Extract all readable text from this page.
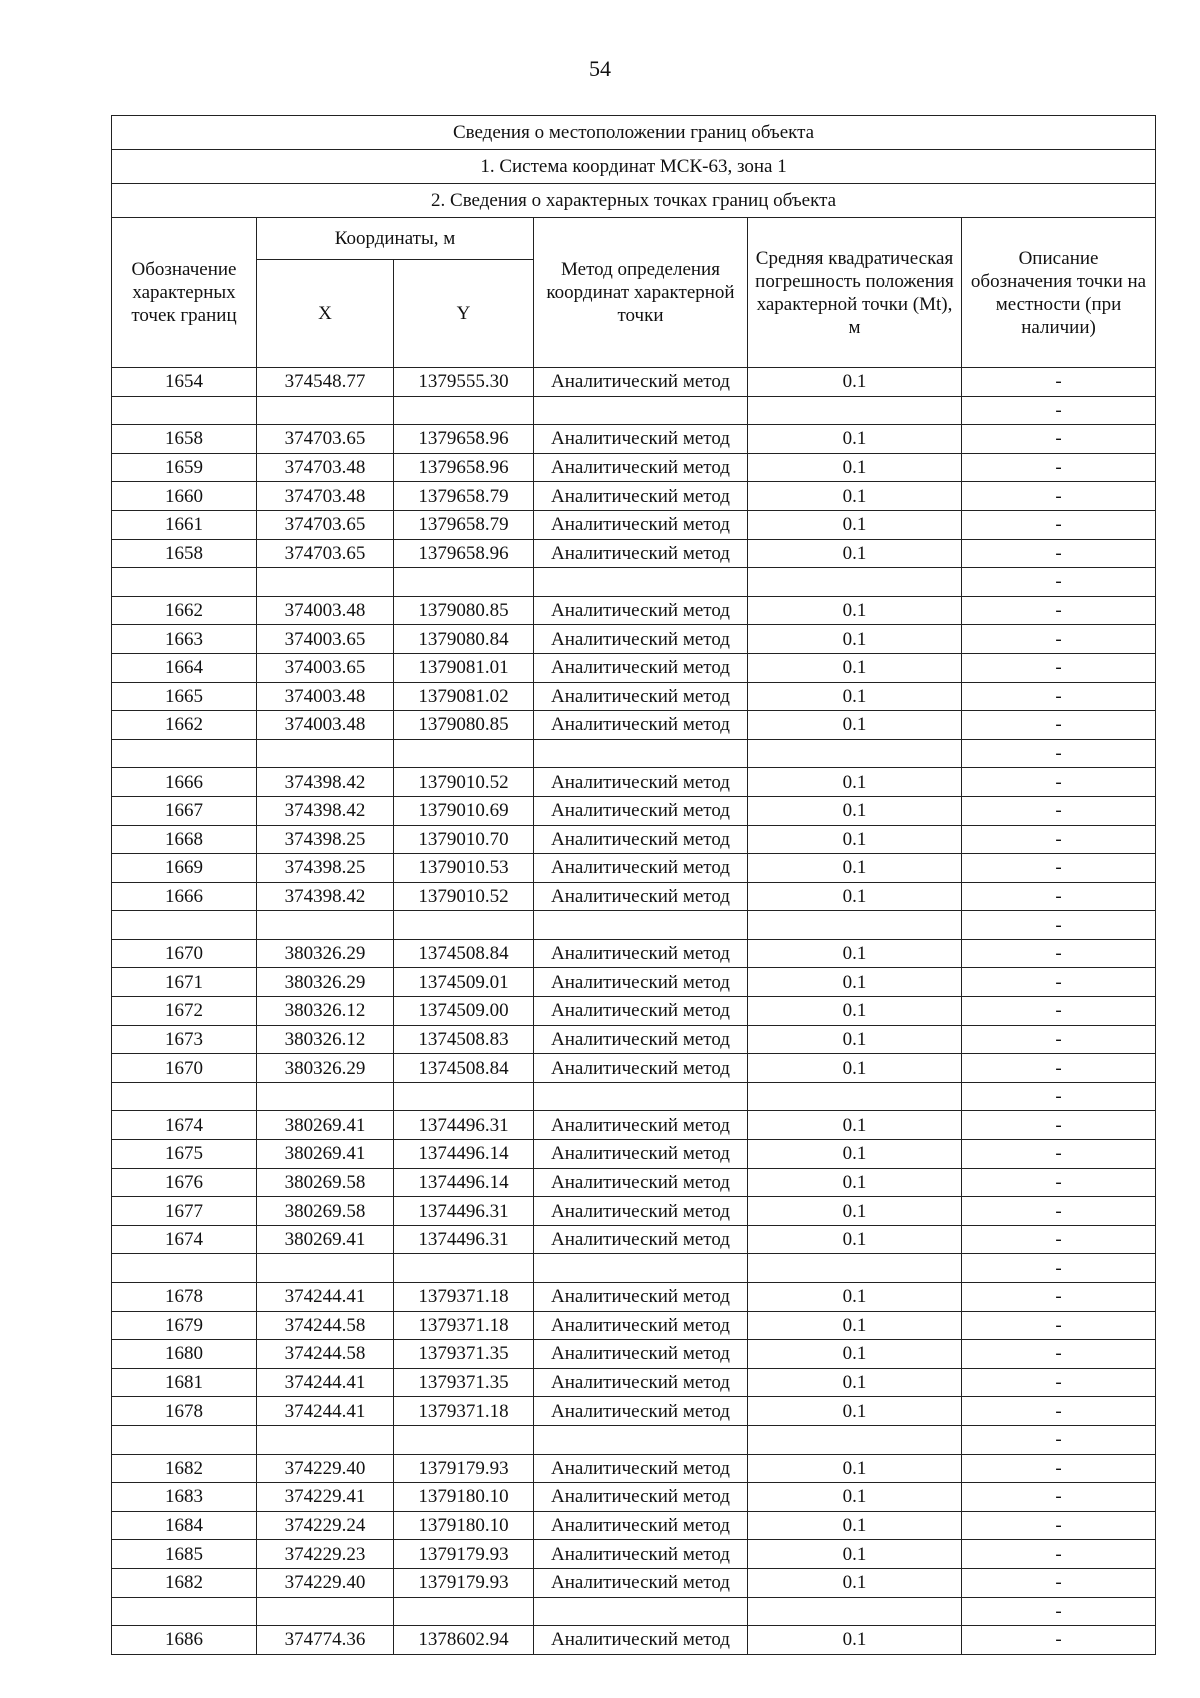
54
Сведения о местоположении границ объекта					
1. Система координат МСК-63, зона 1					
2. Сведения о характерных точках границ объекта					
Обозначение характерных точек границ	Координаты, м		Метод определения координат характерной точки	Средняя квадратическая погрешность положения характерной точки (Mt), м	Описание обозначения точки на местности (при наличии)
	X	Y			
1654	374548.77	1379555.30	Аналитический метод	0.1	-
					-
1658	374703.65	1379658.96	Аналитический метод	0.1	-
1659	374703.48	1379658.96	Аналитический метод	0.1	-
1660	374703.48	1379658.79	Аналитический метод	0.1	-
1661	374703.65	1379658.79	Аналитический метод	0.1	-
1658	374703.65	1379658.96	Аналитический метод	0.1	-
					-
1662	374003.48	1379080.85	Аналитический метод	0.1	-
1663	374003.65	1379080.84	Аналитический метод	0.1	-
1664	374003.65	1379081.01	Аналитический метод	0.1	-
1665	374003.48	1379081.02	Аналитический метод	0.1	-
1662	374003.48	1379080.85	Аналитический метод	0.1	-
					-
1666	374398.42	1379010.52	Аналитический метод	0.1	-
1667	374398.42	1379010.69	Аналитический метод	0.1	-
1668	374398.25	1379010.70	Аналитический метод	0.1	-
1669	374398.25	1379010.53	Аналитический метод	0.1	-
1666	374398.42	1379010.52	Аналитический метод	0.1	-
					-
1670	380326.29	1374508.84	Аналитический метод	0.1	-
1671	380326.29	1374509.01	Аналитический метод	0.1	-
1672	380326.12	1374509.00	Аналитический метод	0.1	-
1673	380326.12	1374508.83	Аналитический метод	0.1	-
1670	380326.29	1374508.84	Аналитический метод	0.1	-
					-
1674	380269.41	1374496.31	Аналитический метод	0.1	-
1675	380269.41	1374496.14	Аналитический метод	0.1	-
1676	380269.58	1374496.14	Аналитический метод	0.1	-
1677	380269.58	1374496.31	Аналитический метод	0.1	-
1674	380269.41	1374496.31	Аналитический метод	0.1	-
					-
1678	374244.41	1379371.18	Аналитический метод	0.1	-
1679	374244.58	1379371.18	Аналитический метод	0.1	-
1680	374244.58	1379371.35	Аналитический метод	0.1	-
1681	374244.41	1379371.35	Аналитический метод	0.1	-
1678	374244.41	1379371.18	Аналитический метод	0.1	-
					-
1682	374229.40	1379179.93	Аналитический метод	0.1	-
1683	374229.41	1379180.10	Аналитический метод	0.1	-
1684	374229.24	1379180.10	Аналитический метод	0.1	-
1685	374229.23	1379179.93	Аналитический метод	0.1	-
1682	374229.40	1379179.93	Аналитический метод	0.1	-
					-
1686	374774.36	1378602.94	Аналитический метод	0.1	-
